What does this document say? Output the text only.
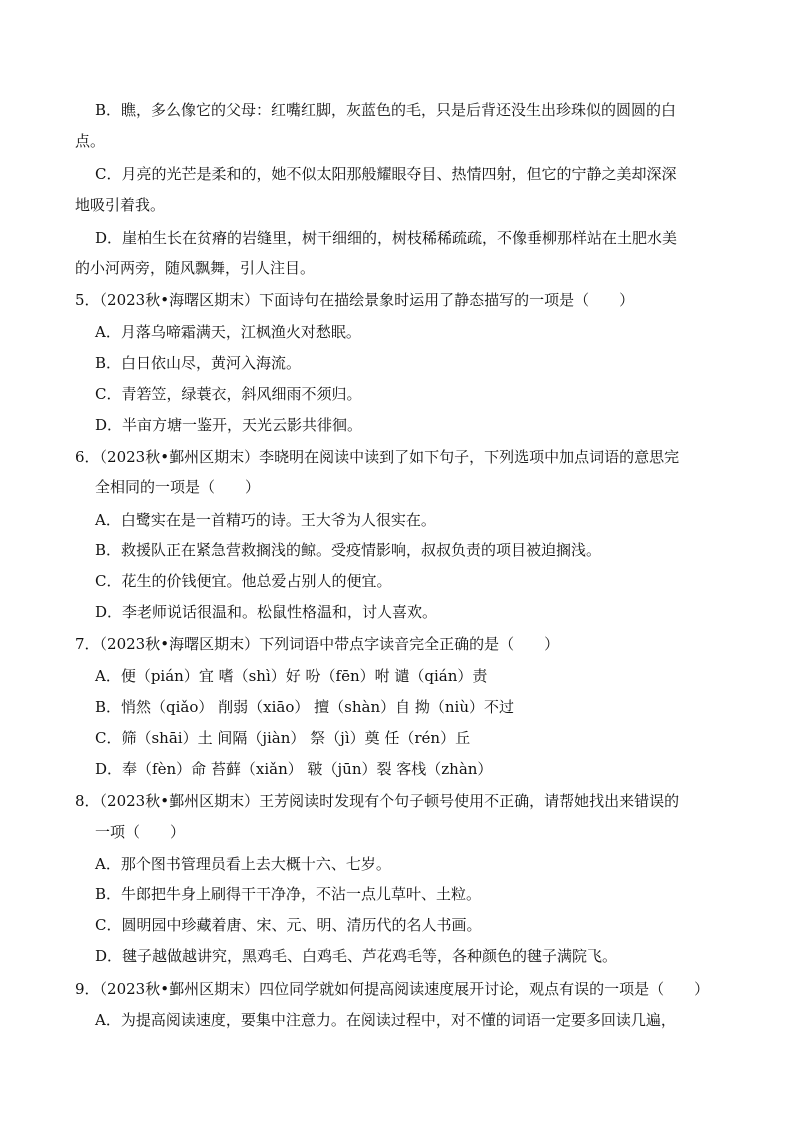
B．瞧，多么像它的父母：红嘴红脚，灰蓝色的毛，只是后背还没生出珍珠似的圆圆的白
点。
C．月亮的光芒是柔和的，她不似太阳那般耀眼夺目、热情四射，但它的宁静之美却深深
地吸引着我。
D．崖柏生长在贫瘠的岩缝里，树干细细的，树枝稀稀疏疏，不像垂柳那样站在土肥水美
的小河两旁，随风飘舞，引人注目。
5．（2023秋•海曙区期末）下面诗句在描绘景象时运用了静态描写的一项是（　　）
A．月落乌啼霜满天，江枫渔火对愁眠。
B．白日依山尽，黄河入海流。
C．青箬笠，绿蓑衣，斜风细雨不须归。
D．半亩方塘一鉴开，天光云影共徘徊。
6．（2023秋•鄞州区期末）李晓明在阅读中读到了如下句子，下列选项中加点词语的意思完
全相同的一项是（　　）
A．白鹭实在是一首精巧的诗。王大爷为人很实在。
B．救援队正在紧急营救搁浅的鲸。受疫情影响，叔叔负责的项目被迫搁浅。
C．花生的价钱便宜。他总爱占别人的便宜。
D．李老师说话很温和。松鼠性格温和，讨人喜欢。
7．（2023秋•海曙区期末）下列词语中带点字读音完全正确的是（　　）
A．便（pián）宜 嗜（shì）好 吩（fēn）咐 谴（qián）责
B．悄然（qiǎo） 削弱（xiāo） 擅（shàn）自 拗（niù）不过
C．筛（shāi）土 间隔（jiàn） 祭（jì）奠 任（rén）丘
D．奉（fèn）命 苔藓（xiǎn） 皲（jūn）裂 客栈（zhàn）
8．（2023秋•鄞州区期末）王芳阅读时发现有个句子顿号使用不正确，请帮她找出来错误的
一项（　　）
A．那个图书管理员看上去大概十六、七岁。
B．牛郎把牛身上刷得干干净净，不沾一点儿草叶、土粒。
C．圆明园中珍藏着唐、宋、元、明、清历代的名人书画。
D．毽子越做越讲究，黑鸡毛、白鸡毛、芦花鸡毛等，各种颜色的毽子满院飞。
9．（2023秋•鄞州区期末）四位同学就如何提高阅读速度展开讨论，观点有误的一项是（　　）
A．为提高阅读速度，要集中注意力。在阅读过程中，对不懂的词语一定要多回读几遍，
